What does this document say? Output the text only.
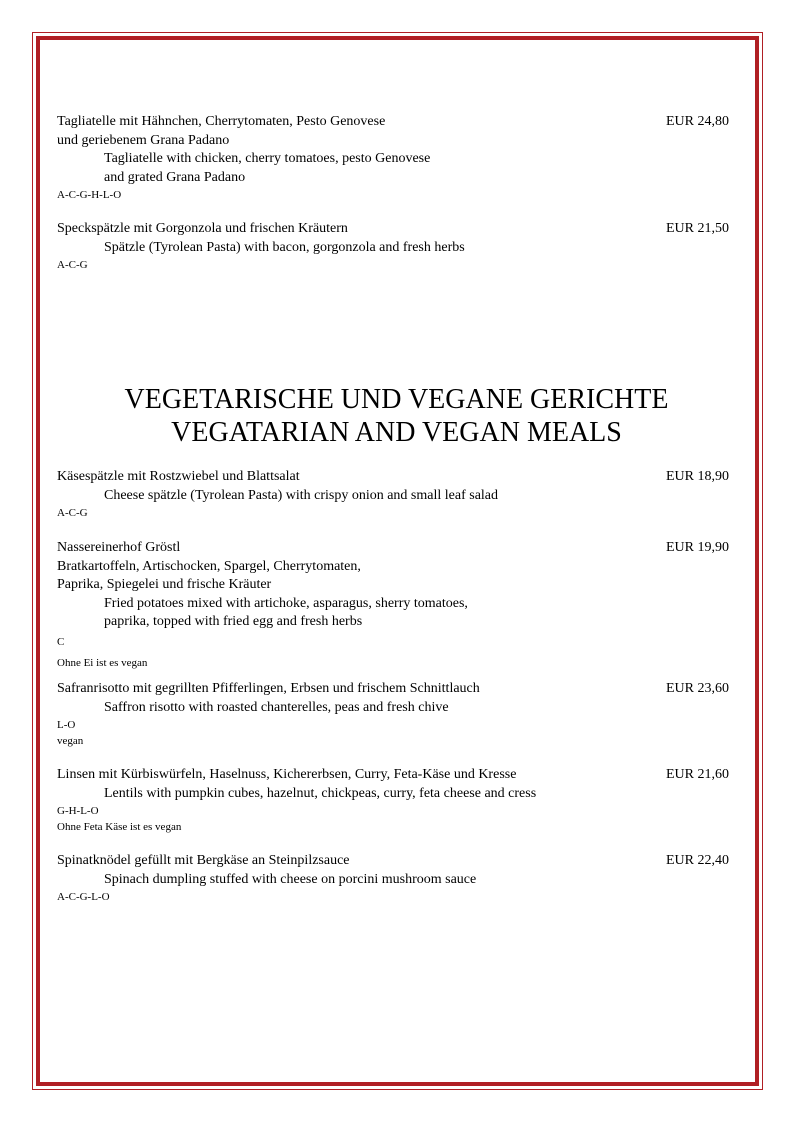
Tagliatelle mit Hähnchen, Cherrytomaten, Pesto Genovese
und geriebenem Grana Padano
Tagliatelle with chicken, cherry tomatoes, pesto Genovese
and grated Grana Padano
A-C-G-H-L-O
EUR 24,80
Speckspätzle mit Gorgonzola und frischen Kräutern
Spätzle (Tyrolean Pasta) with bacon, gorgonzola and fresh herbs
A-C-G
EUR 21,50
VEGETARISCHE UND VEGANE GERICHTE
VEGATARIAN AND VEGAN MEALS
Käsespätzle mit Rostzwiebel und Blattsalat
Cheese spätzle (Tyrolean Pasta) with crispy onion and small leaf salad
A-C-G
EUR 18,90
Nassereinerhof Gröstl
Bratkartoffeln, Artischocken, Spargel, Cherrytomaten,
Paprika, Spiegelei und frische Kräuter
Fried potatoes mixed with artichoke, asparagus, sherry tomatoes,
paprika, topped with fried egg and fresh herbs
C
Ohne Ei ist es vegan
EUR 19,90
Safranrisotto mit gegrillten Pfifferlingen, Erbsen und frischem Schnittlauch
Saffron risotto with roasted chanterelles, peas and fresh chive
L-O
vegan
EUR 23,60
Linsen mit Kürbiswürfeln, Haselnuss, Kichererbsen, Curry, Feta-Käse und Kresse
Lentils with pumpkin cubes, hazelnut, chickpeas, curry, feta cheese and cress
G-H-L-O
Ohne Feta Käse ist es vegan
EUR 21,60
Spinatknödel gefüllt mit Bergkäse an Steinpilzsauce
Spinach dumpling stuffed with cheese on porcini mushroom sauce
A-C-G-L-O
EUR 22,40
